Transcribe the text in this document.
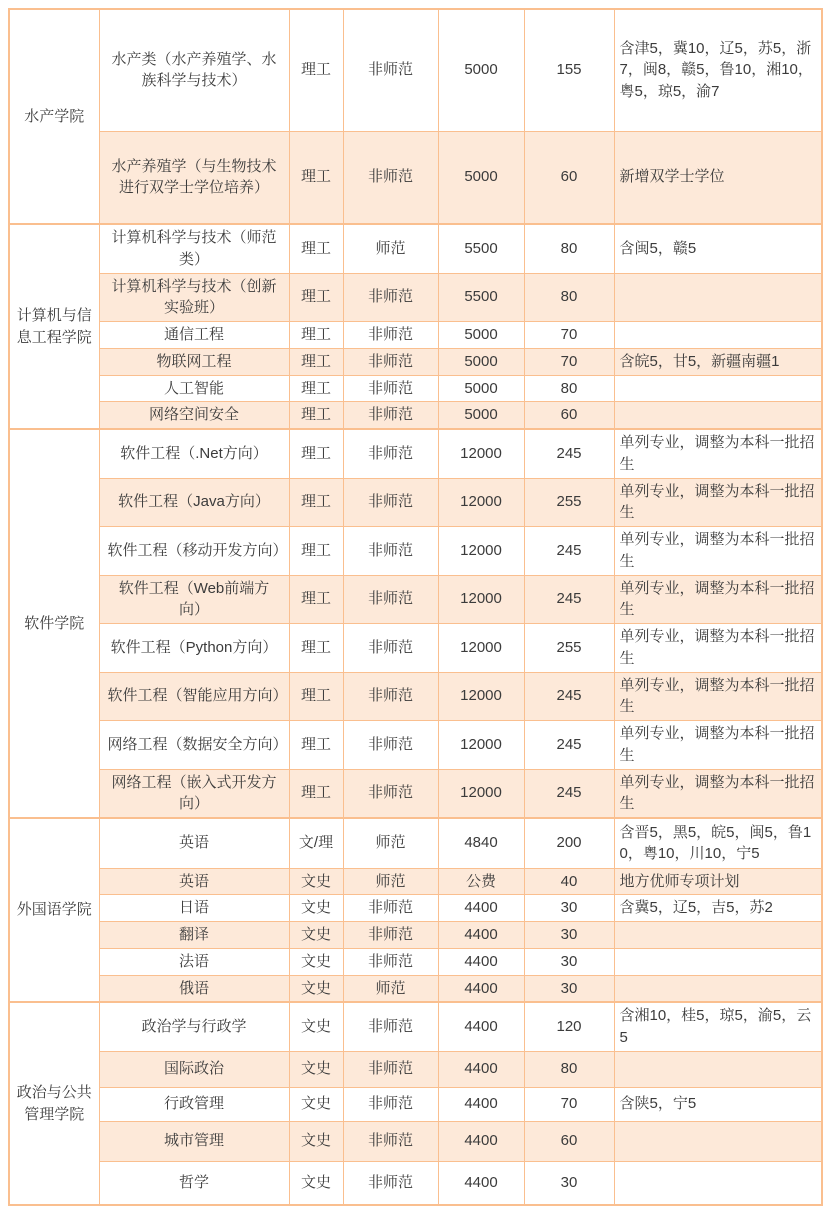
水产学院	水产类（水产养殖学、水族科学与技术）	理工	非师范	5000	155	含津5，冀10，辽5，苏5，浙7，闽8，赣5，鲁10，湘10，粤5，琼5，渝7
	水产养殖学（与生物技术进行双学士学位培养）	理工	非师范	5000	60	新增双学士学位
计算机与信息工程学院	计算机科学与技术（师范类）	理工	师范	5500	80	含闽5，赣5
	计算机科学与技术（创新实验班）	理工	非师范	5500	80	
	通信工程	理工	非师范	5000	70	
	物联网工程	理工	非师范	5000	70	含皖5，甘5，新疆南疆1
	人工智能	理工	非师范	5000	80	
	网络空间安全	理工	非师范	5000	60	
软件学院	软件工程（.Net方向）	理工	非师范	12000	245	单列专业，调整为本科一批招生
	软件工程（Java方向）	理工	非师范	12000	255	单列专业，调整为本科一批招生
	软件工程（移动开发方向）	理工	非师范	12000	245	单列专业，调整为本科一批招生
	软件工程（Web前端方向）	理工	非师范	12000	245	单列专业，调整为本科一批招生
	软件工程（Python方向）	理工	非师范	12000	255	单列专业，调整为本科一批招生
	软件工程（智能应用方向）	理工	非师范	12000	245	单列专业，调整为本科一批招生
	网络工程（数据安全方向）	理工	非师范	12000	245	单列专业，调整为本科一批招生
	网络工程（嵌入式开发方向）	理工	非师范	12000	245	单列专业，调整为本科一批招生
外国语学院	英语	文/理	师范	4840	200	含晋5，黑5，皖5，闽5，鲁10，粤10，川10，宁5
	英语	文史	师范	公费	40	地方优师专项计划
	日语	文史	非师范	4400	30	含冀5，辽5，吉5，苏2
	翻译	文史	非师范	4400	30	
	法语	文史	非师范	4400	30	
	俄语	文史	师范	4400	30	
政治与公共管理学院	政治学与行政学	文史	非师范	4400	120	含湘10，桂5，琼5，渝5，云5
	国际政治	文史	非师范	4400	80	
	行政管理	文史	非师范	4400	70	含陕5，宁5
	城市管理	文史	非师范	4400	60	
	哲学	文史	非师范	4400	30	
